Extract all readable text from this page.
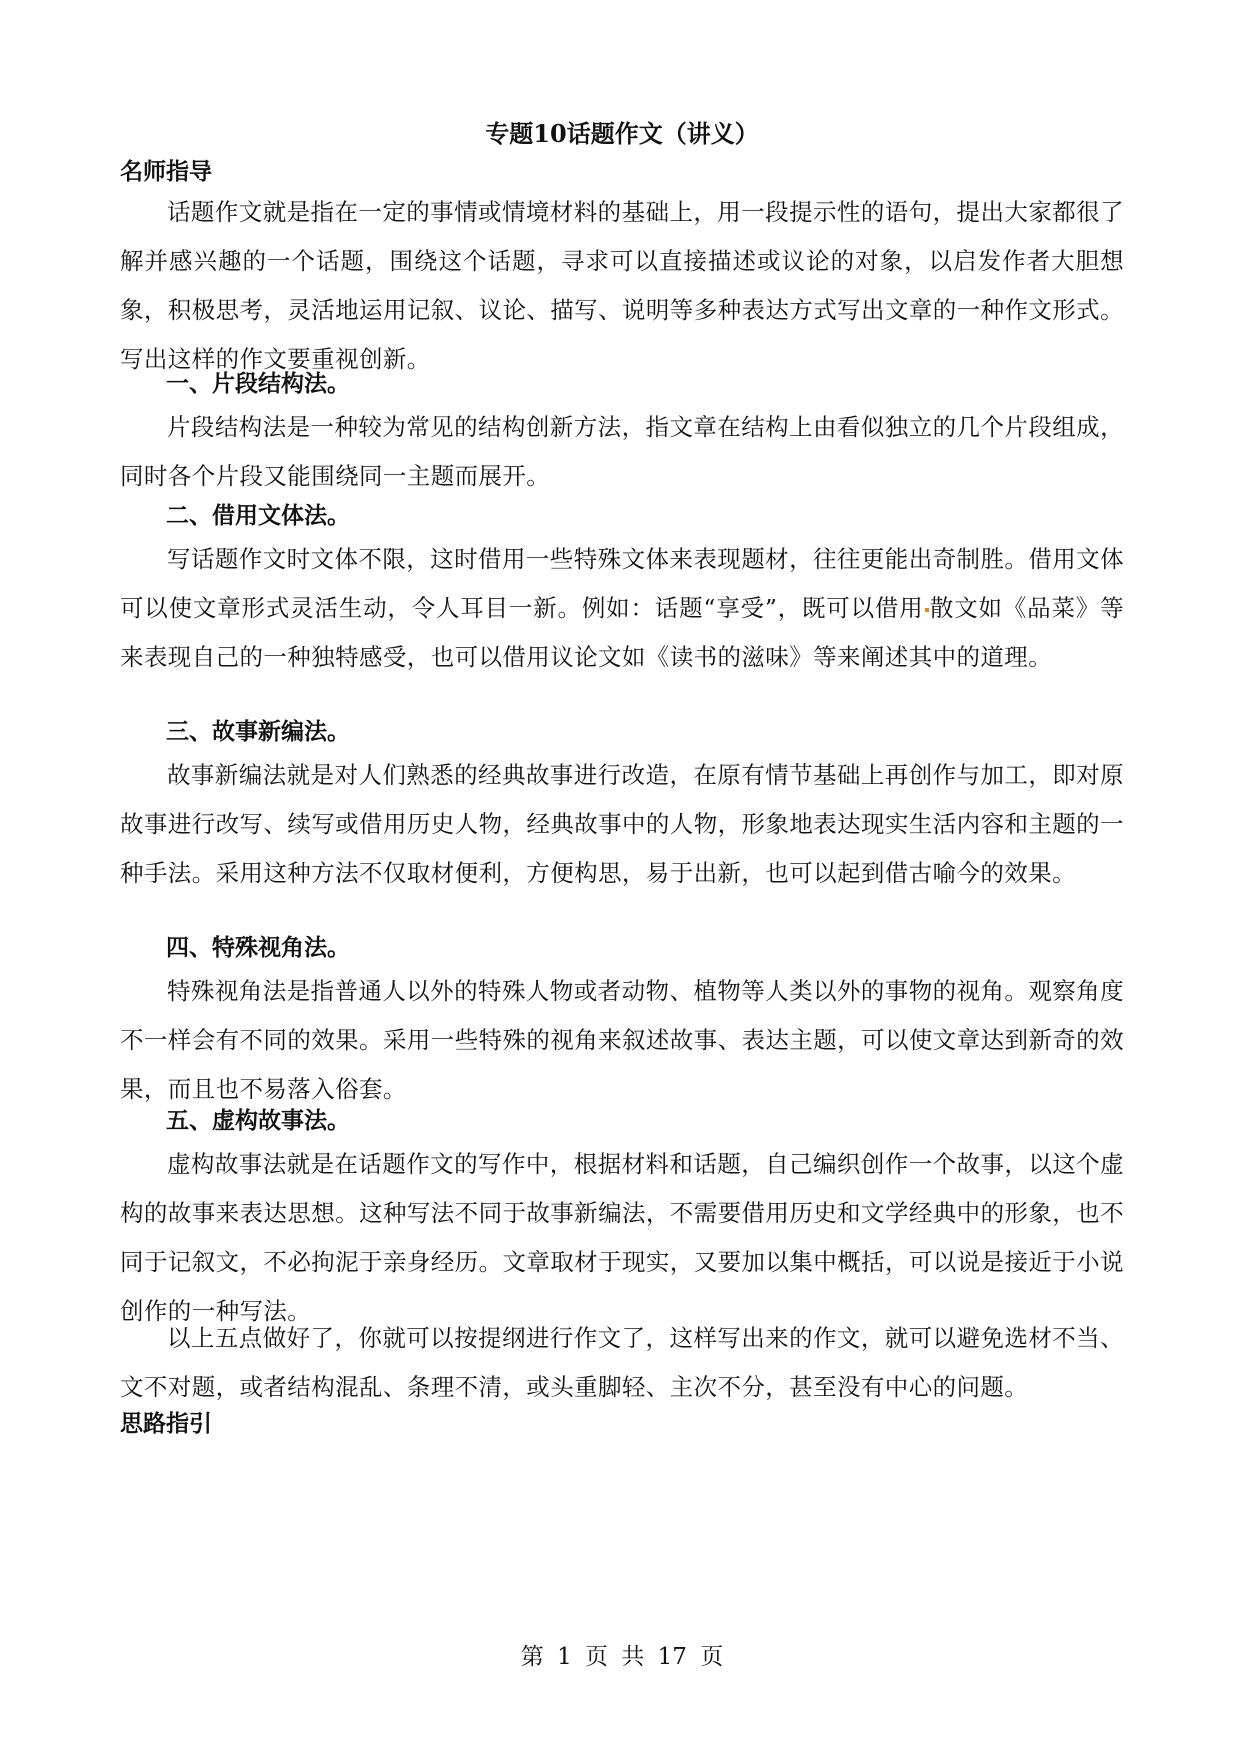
专题10话题作文（讲义）
名师指导

话题作文就是指在一定的事情或情境材料的基础上，用一段提示性的语句，提出大家都很了解并感兴趣的一个话题，围绕这个话题，寻求可以直接描述或议论的对象，以启发作者大胆想象，积极思考，灵活地运用记叙、议论、描写、说明等多种表达方式写出文章的一种作文形式。写出这样的作文要重视创新。

一、片段结构法。

片段结构法是一种较为常见的结构创新方法，指文章在结构上由看似独立的几个片段组成，同时各个片段又能围绕同一主题而展开。

二、借用文体法。

写话题作文时文体不限，这时借用一些特殊文体来表现题材，往往更能出奇制胜。借用文体可以使文章形式灵活生动，令人耳目一新。例如：话题“享受”，既可以借用 散文如《品菜》等来表现自己的一种独特感受，也可以借用议论文如《读书的滋味》等来阐述其中的道理。

三、故事新编法。

故事新编法就是对人们熟悉的经典故事进行改造，在原有情节基础上再创作与加工，即对原故事进行改写、续写或借用历史人物，经典故事中的人物，形象地表达现实生活内容和主题的一种手法。采用这种方法不仅取材便利，方便构思，易于出新，也可以起到借古喻今的效果。

四、特殊视角法。

特殊视角法是指普通人以外的特殊人物或者动物、植物等人类以外的事物的视角。观察角度不一样会有不同的效果。采用一些特殊的视角来叙述故事、表达主题，可以使文章达到新奇的效果，而且也不易落入俗套。

五、虚构故事法。

虚构故事法就是在话题作文的写作中，根据材料和话题，自己编织创作一个故事，以这个虚构的故事来表达思想。这种写法不同于故事新编法，不需要借用历史和文学经典中的形象，也不同于记叙文，不必拘泥于亲身经历。文章取材于现实，又要加以集中概括，可以说是接近于小说创作的一种写法。

以上五点做好了，你就可以按提纲进行作文了，这样写出来的作文，就可以避免选材不当、文不对题，或者结构混乱、条理不清，或头重脚轻、主次不分，甚至没有中心的问题。

思路指引
第 1 页 共 17 页
